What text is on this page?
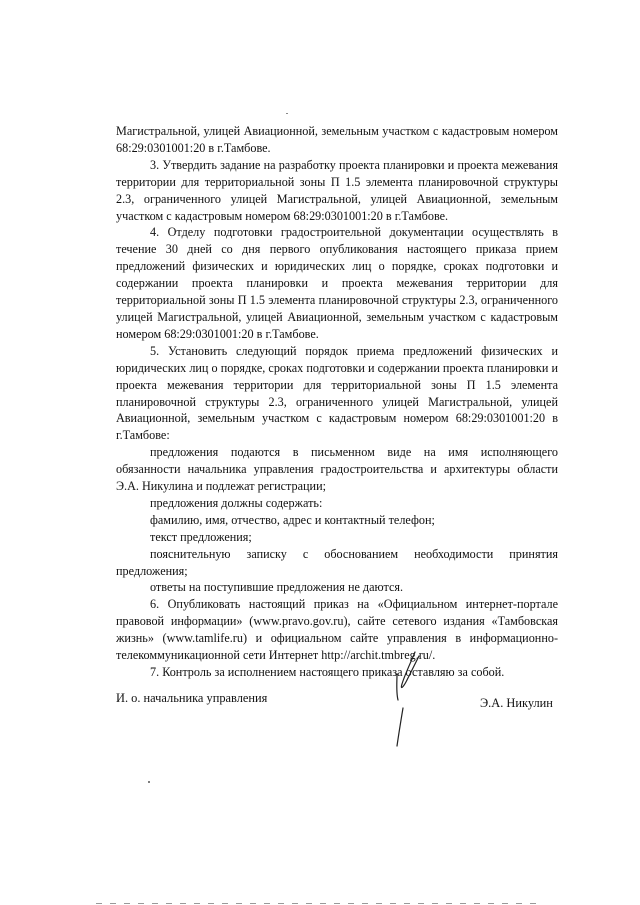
Магистральной, улицей Авиационной, земельным участком с кадастровым номером 68:29:0301001:20 в г.Тамбове.

3. Утвердить задание на разработку проекта планировки и проекта межевания территории для территориальной зоны П 1.5 элемента планировочной структуры 2.3, ограниченного улицей Магистральной, улицей Авиационной, земельным участком с кадастровым номером 68:29:0301001:20 в г.Тамбове.

4. Отделу подготовки градостроительной документации осуществлять в течение 30 дней со дня первого опубликования настоящего приказа прием предложений физических и юридических лиц о порядке, сроках подготовки и содержании проекта планировки и проекта межевания территории для территориальной зоны П 1.5 элемента планировочной структуры 2.3, ограниченного улицей Магистральной, улицей Авиационной, земельным участком с кадастровым номером 68:29:0301001:20 в г.Тамбове.

5. Установить следующий порядок приема предложений физических и юридических лиц о порядке, сроках подготовки и содержании проекта планировки и проекта межевания территории для территориальной зоны П 1.5 элемента планировочной структуры 2.3, ограниченного улицей Магистральной, улицей Авиационной, земельным участком с кадастровым номером 68:29:0301001:20 в г.Тамбове:

предложения подаются в письменном виде на имя исполняющего обязанности начальника управления градостроительства и архитектуры области Э.А. Никулина и подлежат регистрации;

предложения должны содержать:

фамилию, имя, отчество, адрес и контактный телефон;

текст предложения;

пояснительную записку с обоснованием необходимости принятия предложения;

ответы на поступившие предложения не даются.

6. Опубликовать настоящий приказ на «Официальном интернет-портале правовой информации» (www.pravo.gov.ru), сайте сетевого издания «Тамбовская жизнь» (www.tamlife.ru) и официальном сайте управления в информационно-телекоммуникационной сети Интернет http://archit.tmbreg.ru/.

7. Контроль за исполнением настоящего приказа оставляю за собой.

И. о. начальника управления	Э.А. Никулин
